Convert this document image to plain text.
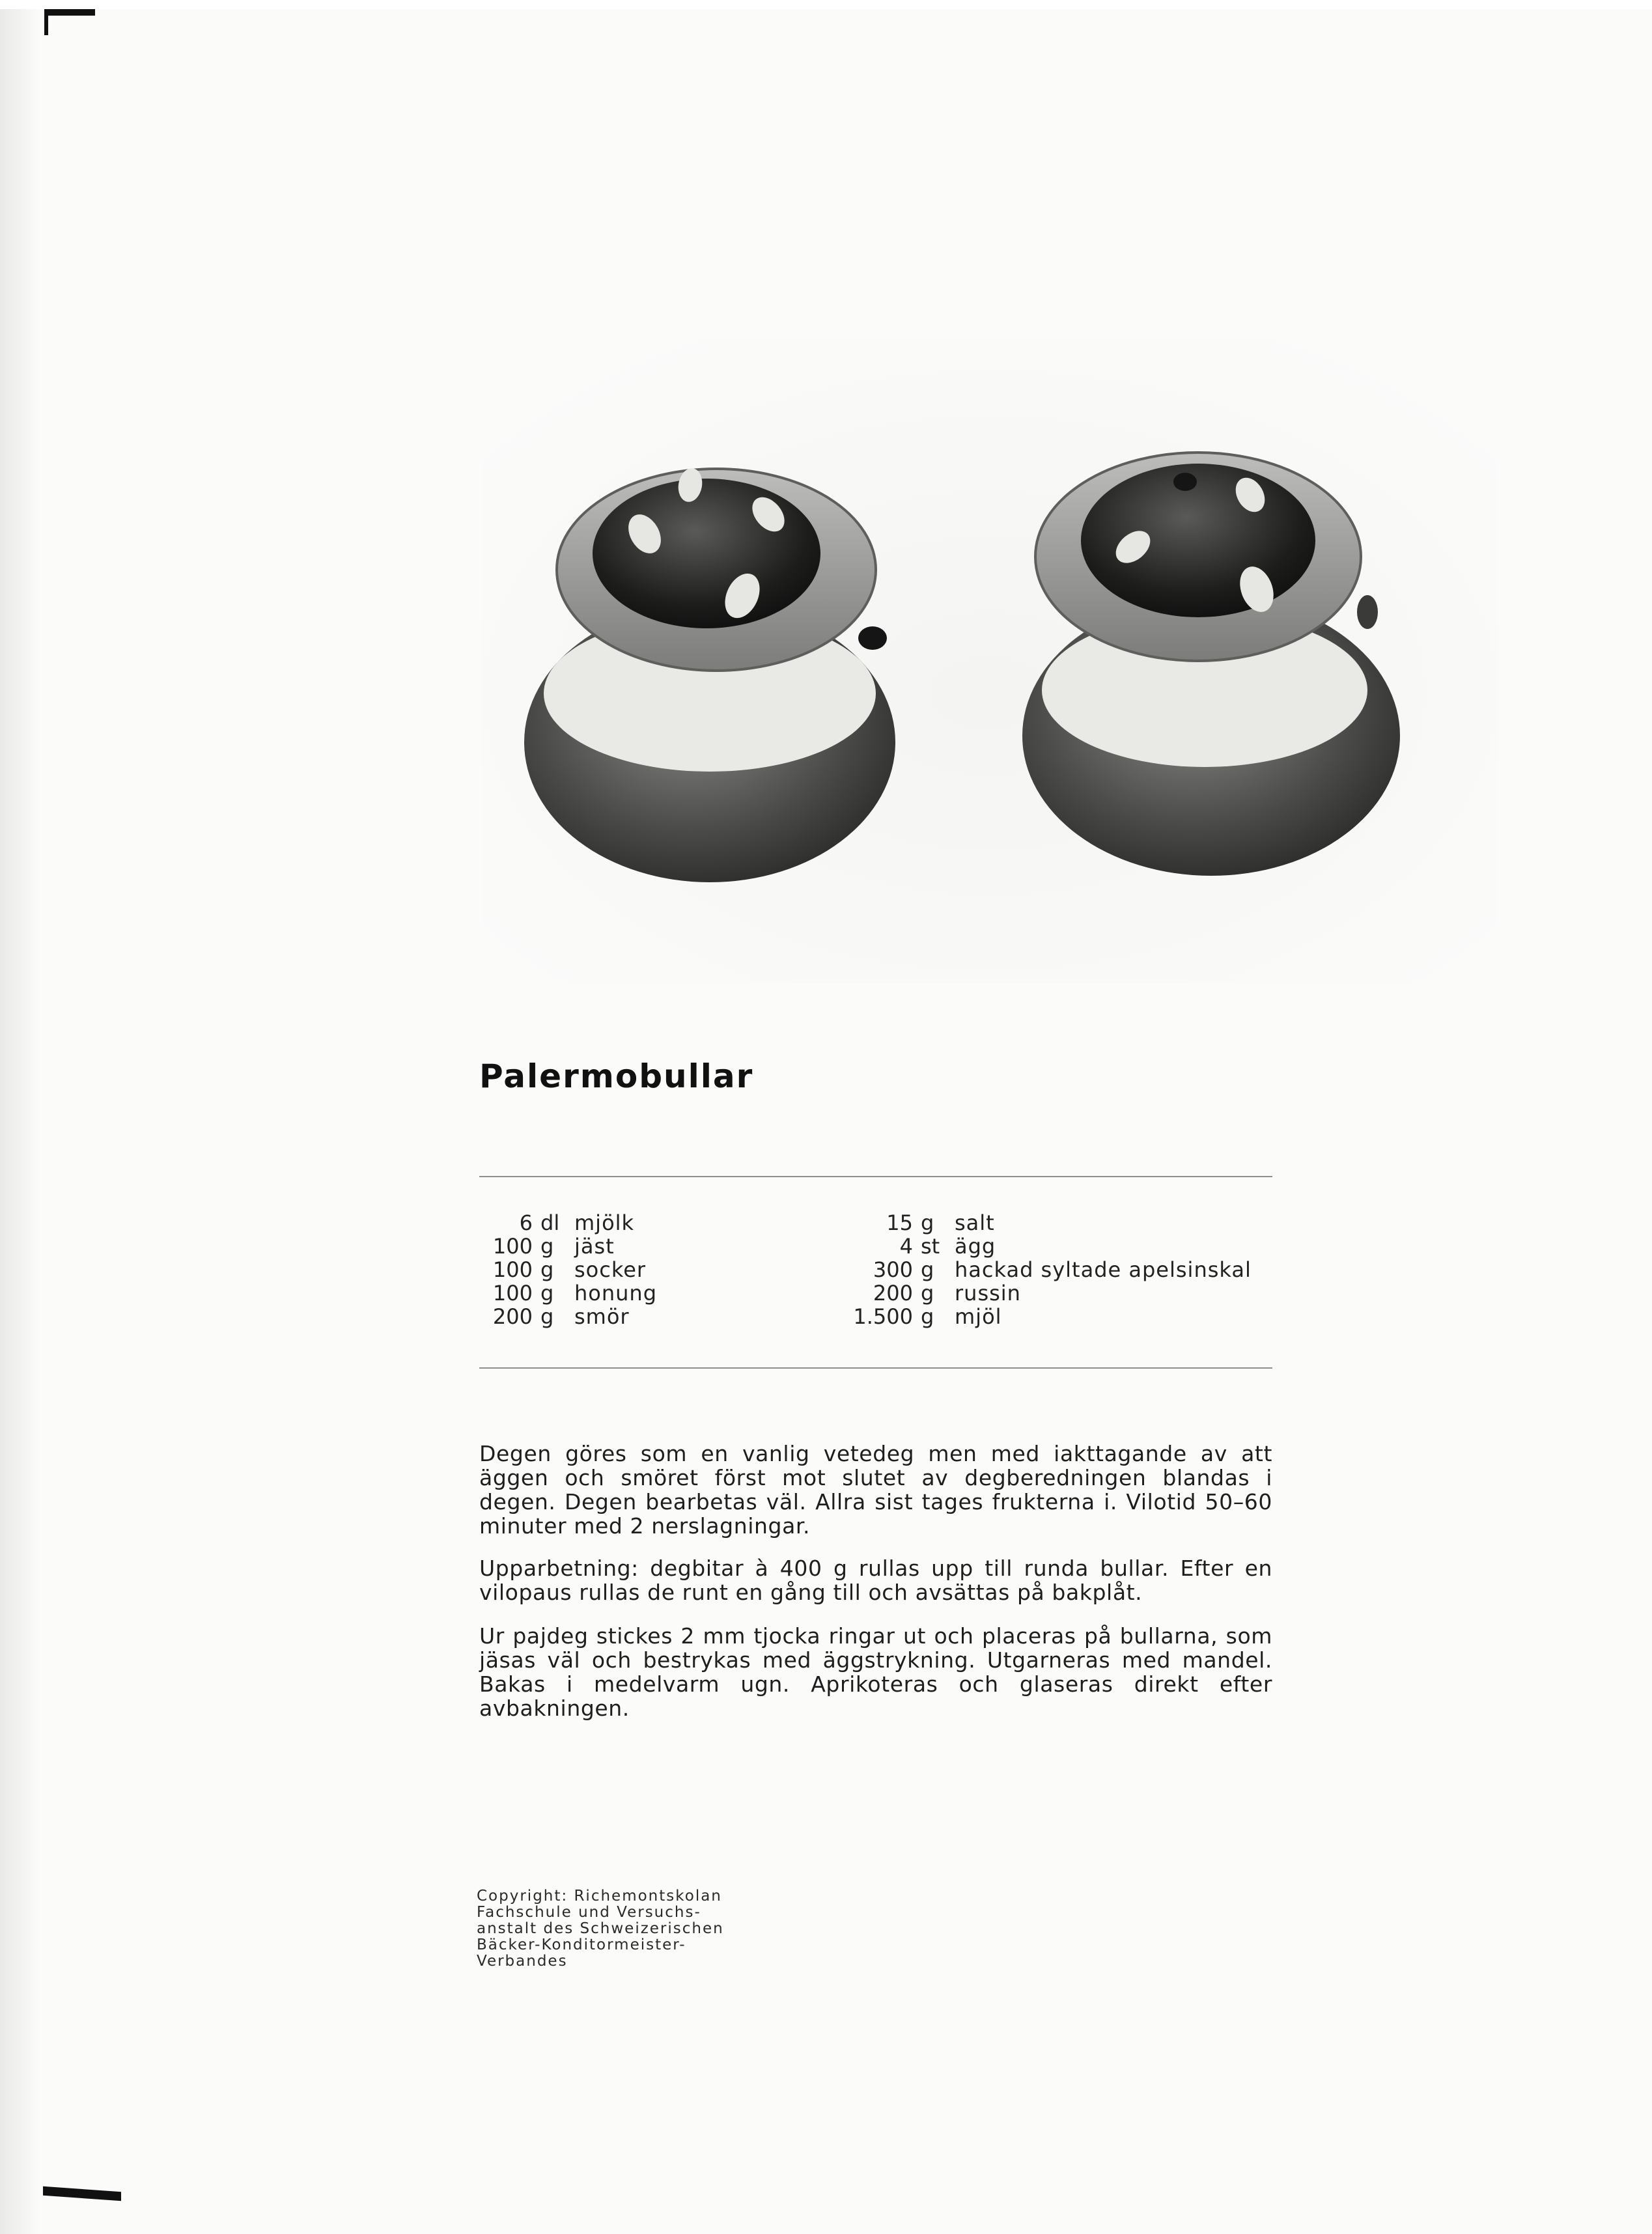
Palermobullar
6 dl mjölk
100 g jäst
100 g socker
100 g honung
200 g smör
15 g salt
4 st ägg
300 g hackad syltade apelsinskal
200 g russin
1.500 g mjöl

Degen göres som en vanlig vetedeg men med iakttagande av att äggen och smöret först mot slutet av degberedningen blandas i degen. Degen bearbetas väl. Allra sist tages frukterna i. Vilotid 50–60 minuter med 2 nerslagningar.

Upparbetning: degbitar à 400 g rullas upp till runda bullar. Efter en vilopaus rullas de runt en gång till och avsättas på bakplåt.

Ur pajdeg stickes 2 mm tjocka ringar ut och placeras på bullarna, som jäsas väl och bestrykas med äggstrykning. Utgarneras med mandel. Bakas i medelvarm ugn. Aprikoteras och glaseras direkt efter avbakningen.

Copyright: Richemontskolan
Fachschule und Versuchs-
anstalt des Schweizerischen
Bäcker-Konditormeister-
Verbandes
